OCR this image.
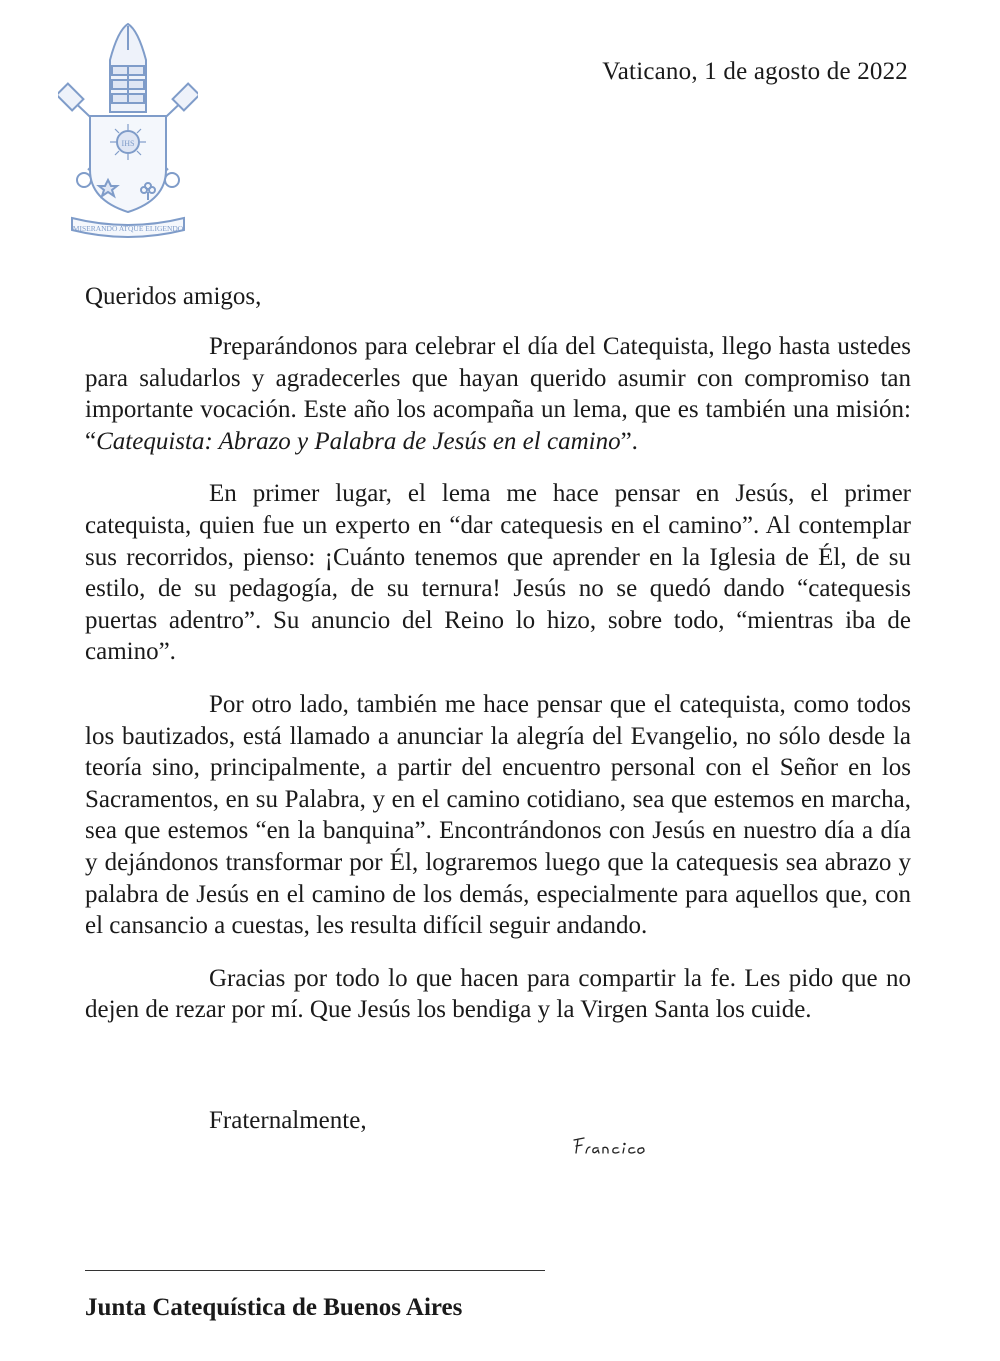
IHS
MISERANDO ATQUE ELIGENDO
Vaticano, 1 de agosto de 2022
Queridos amigos,

Preparándonos para celebrar el día del Catequista, llego hasta ustedes para saludarlos y agradecerles que hayan querido asumir con compromiso tan importante vocación. Este año los acompaña un lema, que es también una misión: “Catequista: Abrazo y Palabra de Jesús en el camino”.

En primer lugar, el lema me hace pensar en Jesús, el primer catequista, quien fue un experto en “dar catequesis en el camino”. Al contemplar sus recorridos, pienso: ¡Cuánto tenemos que aprender en la Iglesia de Él, de su estilo, de su pedagogía, de su ternura! Jesús no se quedó dando “catequesis puertas adentro”. Su anuncio del Reino lo hizo, sobre todo, “mientras iba de camino”.

Por otro lado, también me hace pensar que el catequista, como todos los bautizados, está llamado a anunciar la alegría del Evangelio, no sólo desde la teoría sino, principalmente, a partir del encuentro personal con el Señor en los Sacramentos, en su Palabra, y en el camino cotidiano, sea que estemos en marcha, sea que estemos “en la banquina”. Encontrándonos con Jesús en nuestro día a día y dejándonos transformar por Él, lograremos luego que la catequesis sea abrazo y palabra de Jesús en el camino de los demás, especialmente para aquellos que, con el cansancio a cuestas, les resulta difícil seguir andando.

Gracias por todo lo que hacen para compartir la fe. Les pido que no dejen de rezar por mí. Que Jesús los bendiga y la Virgen Santa los cuide.

Fraternalmente,
Junta Catequística de Buenos Aires
